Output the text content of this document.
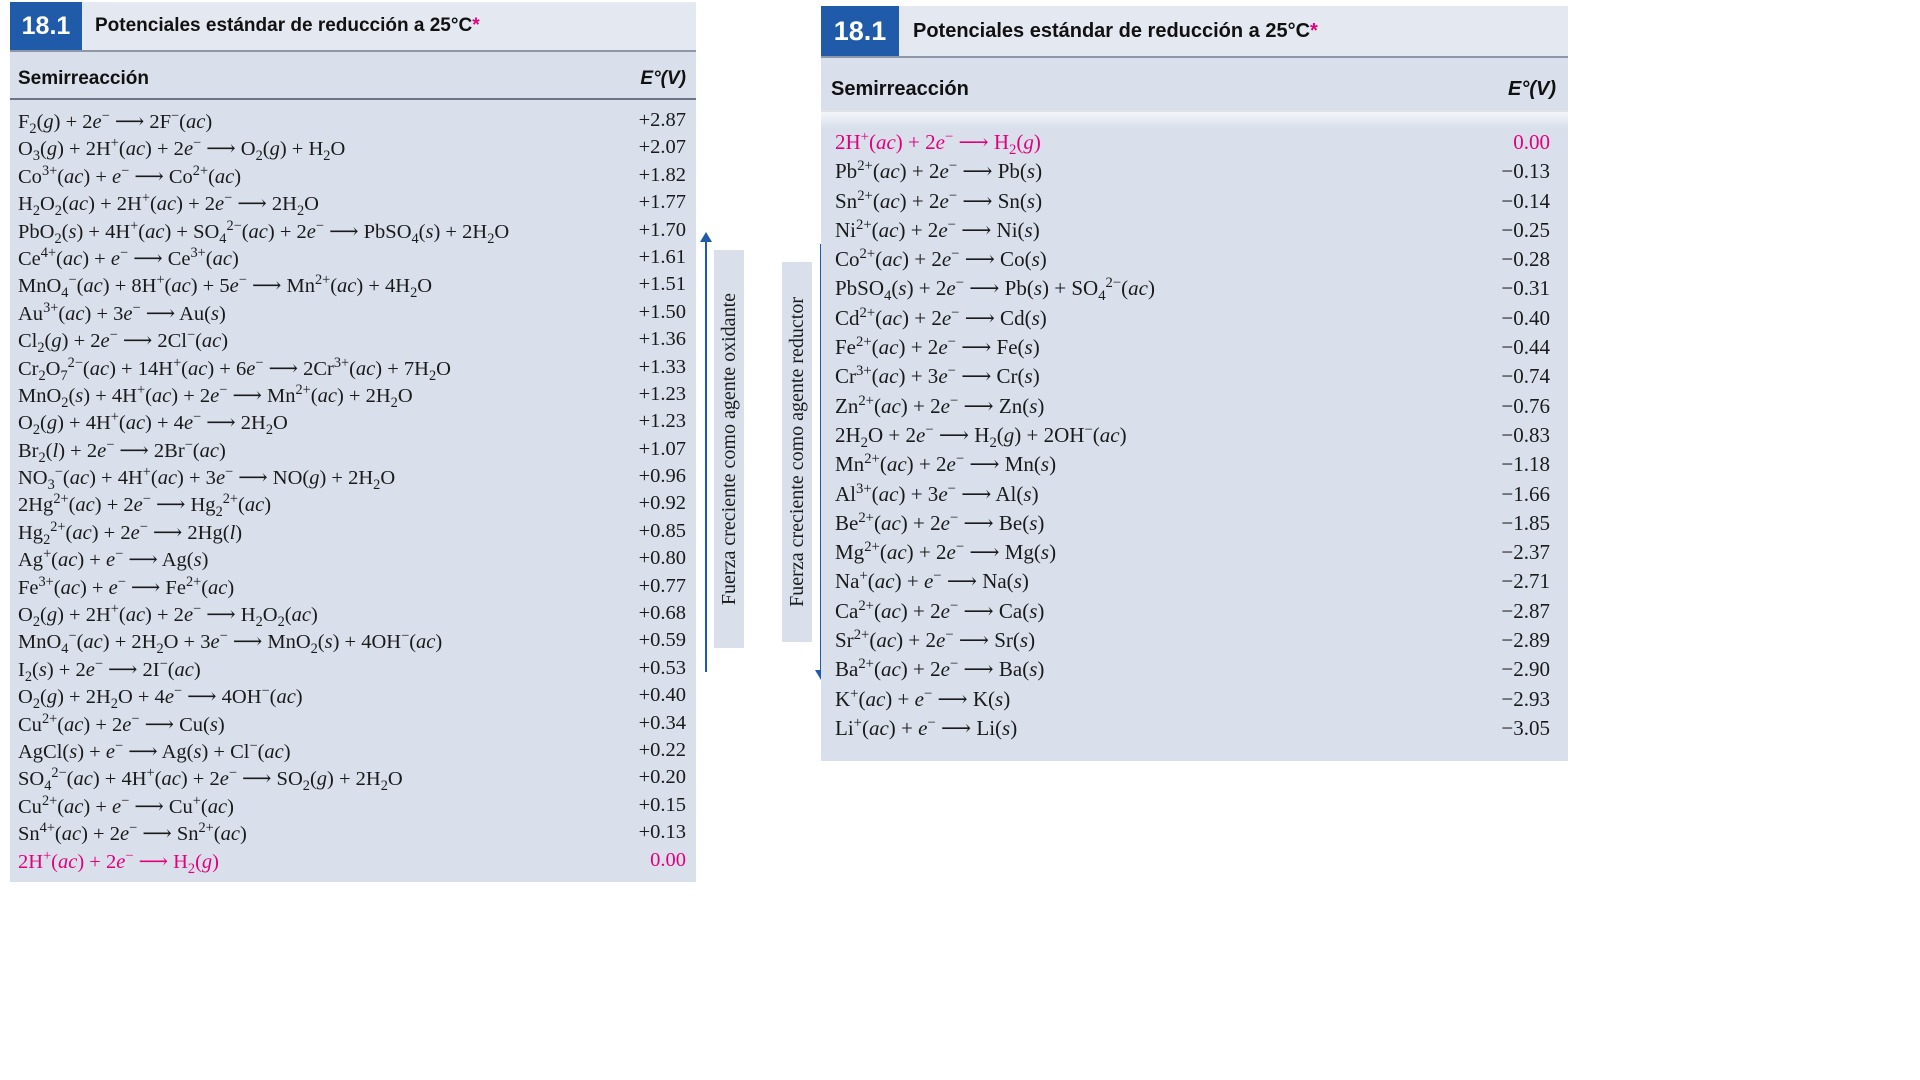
18.1	Potenciales estándar de reducción a 25°C *
Semirreacción	E°(V)
$F_2(g) + 2e^-$ ⟶ 2F−(ac)	+2.87
$O_3(g) + 2H^+(ac) + 2e^-$ ⟶ $O_2(g) + H_2O$	+2.07
$Co^{3+}(ac) + e^-$ ⟶ $Co^{2+}(ac)$	+1.82
$H_2O_2(ac) + 2H^+(ac) + 2e^-$ ⟶ $2H_2O$	+1.77
$PbO_2(s) + 4H^+(ac) + SO_4^{2-}(ac) + 2e^-$ ⟶ PbSO$_4$(s) + $2H_2O$	+1.70
$Ce^{4+}(ac) + e^-$ ⟶ $Ce^{3+}(ac)$	+1.61
MnO$_4$−(ac) + 8H+(ac) + 5e− ⟶ $Mn^{2+}(ac) + 4H_2O$	+1.51
$Au^{3+}(ac) + 3e^-$ ⟶ Au(s)	+1.50
$Cl_2(g) + 2e^-$ ⟶ 2Cl−(ac)	+1.36
$Cr_2O_7^{2-}(ac) + 14H^+(ac) + 6e^-$ ⟶ $2Cr^{3+}(ac) + 7H_2O$	+1.33
MnO$_2$(s) + 4H+(ac) + 2e− ⟶ $Mn^{2+}(ac) + 2H_2O$	+1.23
$O_2(g) + 4H^+(ac) + 4e^-$ ⟶ $2H_2O$	+1.23
$Br_2(l) + 2e^-$ ⟶ 2Br−(ac)	+1.07
$NO_3^-(ac) + 4H^+(ac) + 3e^-$ ⟶ $NO(g) + 2H_2O$	+0.96
$2Hg^{2+}(ac) + 2e^-$ ⟶ $Hg_2^{2+}(ac)$	+0.92
$Hg_2^{2+}(ac) + 2e^-$ ⟶ 2Hg(l)	+0.85
Ag+(ac) + e− ⟶ Ag(s)	+0.80
$Fe^{3+}(ac) + e^-$ ⟶ $Fe^{2+}(ac)$	+0.77
$O_2(g) + 2H^+(ac) + 2e^-$ ⟶ $H_2O_2(ac)$	+0.68
$MnO_4^-(ac) + 2H_2O + 3e^-$ ⟶ MnO$_2$(s) + 4OH−(ac)	+0.59
$I_2(s) + 2e^-$ ⟶ 2I−(ac)	+0.53
$O_2(g) + 2H_2O + 4e^-$ ⟶ 4OH−(ac)	+0.40
$Cu^{2+}(ac) + 2e^-$ ⟶ Cu(s)	+0.34
AgCl(s) + e− ⟶ Ag(s) + Cl−(ac)	+0.22
$SO_4^{2-}(ac) + 4H^+(ac) + 2e^-$ ⟶ $SO_2(g) + 2H_2O$	+0.20
$Cu^{2+}(ac) + e^-$ ⟶ Cu+(ac)	+0.15
$Sn^{4+}(ac) + 2e^-$ ⟶ $Sn^{2+}(ac)$	+0.13
2H+(ac) + 2e− ⟶ $H_2(g)$	0.00
Fuerza creciente como agente oxidante Fuerza creciente como agente reductor
18.1	Potenciales estándar de reducción a 25°C *
Semirreacción	E°(V)
2H+(ac) + 2e− ⟶ $H_2(g)$	0.00
$Pb^{2+}(ac) + 2e^-$ ⟶ Pb(s)	−0.13
$Sn^{2+}(ac) + 2e^-$ ⟶ Sn(s)	−0.14
$Ni^{2+}(ac) + 2e^-$ ⟶ Ni(s)	−0.25
$Co^{2+}(ac) + 2e^-$ ⟶ Co(s)	−0.28
PbSO$_4$(s) + 2e− ⟶ $Pb(s) + SO_4^{2-}(ac)$	−0.31
$Cd^{2+}(ac) + 2e^-$ ⟶ Cd(s)	−0.40
$Fe^{2+}(ac) + 2e^-$ ⟶ Fe(s)	−0.44
$Cr^{3+}(ac) + 3e^-$ ⟶ Cr(s)	−0.74
$Zn^{2+}(ac) + 2e^-$ ⟶ Zn(s)	−0.76
$2H_2O + 2e^-$ ⟶ $H_2(g) + 2OH^-(ac)$	−0.83
$Mn^{2+}(ac) + 2e^-$ ⟶ Mn(s)	−1.18
$Al^{3+}(ac) + 3e^-$ ⟶ Al(s)	−1.66
$Be^{2+}(ac) + 2e^-$ ⟶ Be(s)	−1.85
$Mg^{2+}(ac) + 2e^-$ ⟶ Mg(s)	−2.37
Na+(ac) + e− ⟶ Na(s)	−2.71
$Ca^{2+}(ac) + 2e^-$ ⟶ Ca(s)	−2.87
$Sr^{2+}(ac) + 2e^-$ ⟶ Sr(s)	−2.89
$Ba^{2+}(ac) + 2e^-$ ⟶ Ba(s)	−2.90
K+(ac) + e− ⟶ K(s)	−2.93
Li+(ac) + e− ⟶ Li(s)	−3.05
